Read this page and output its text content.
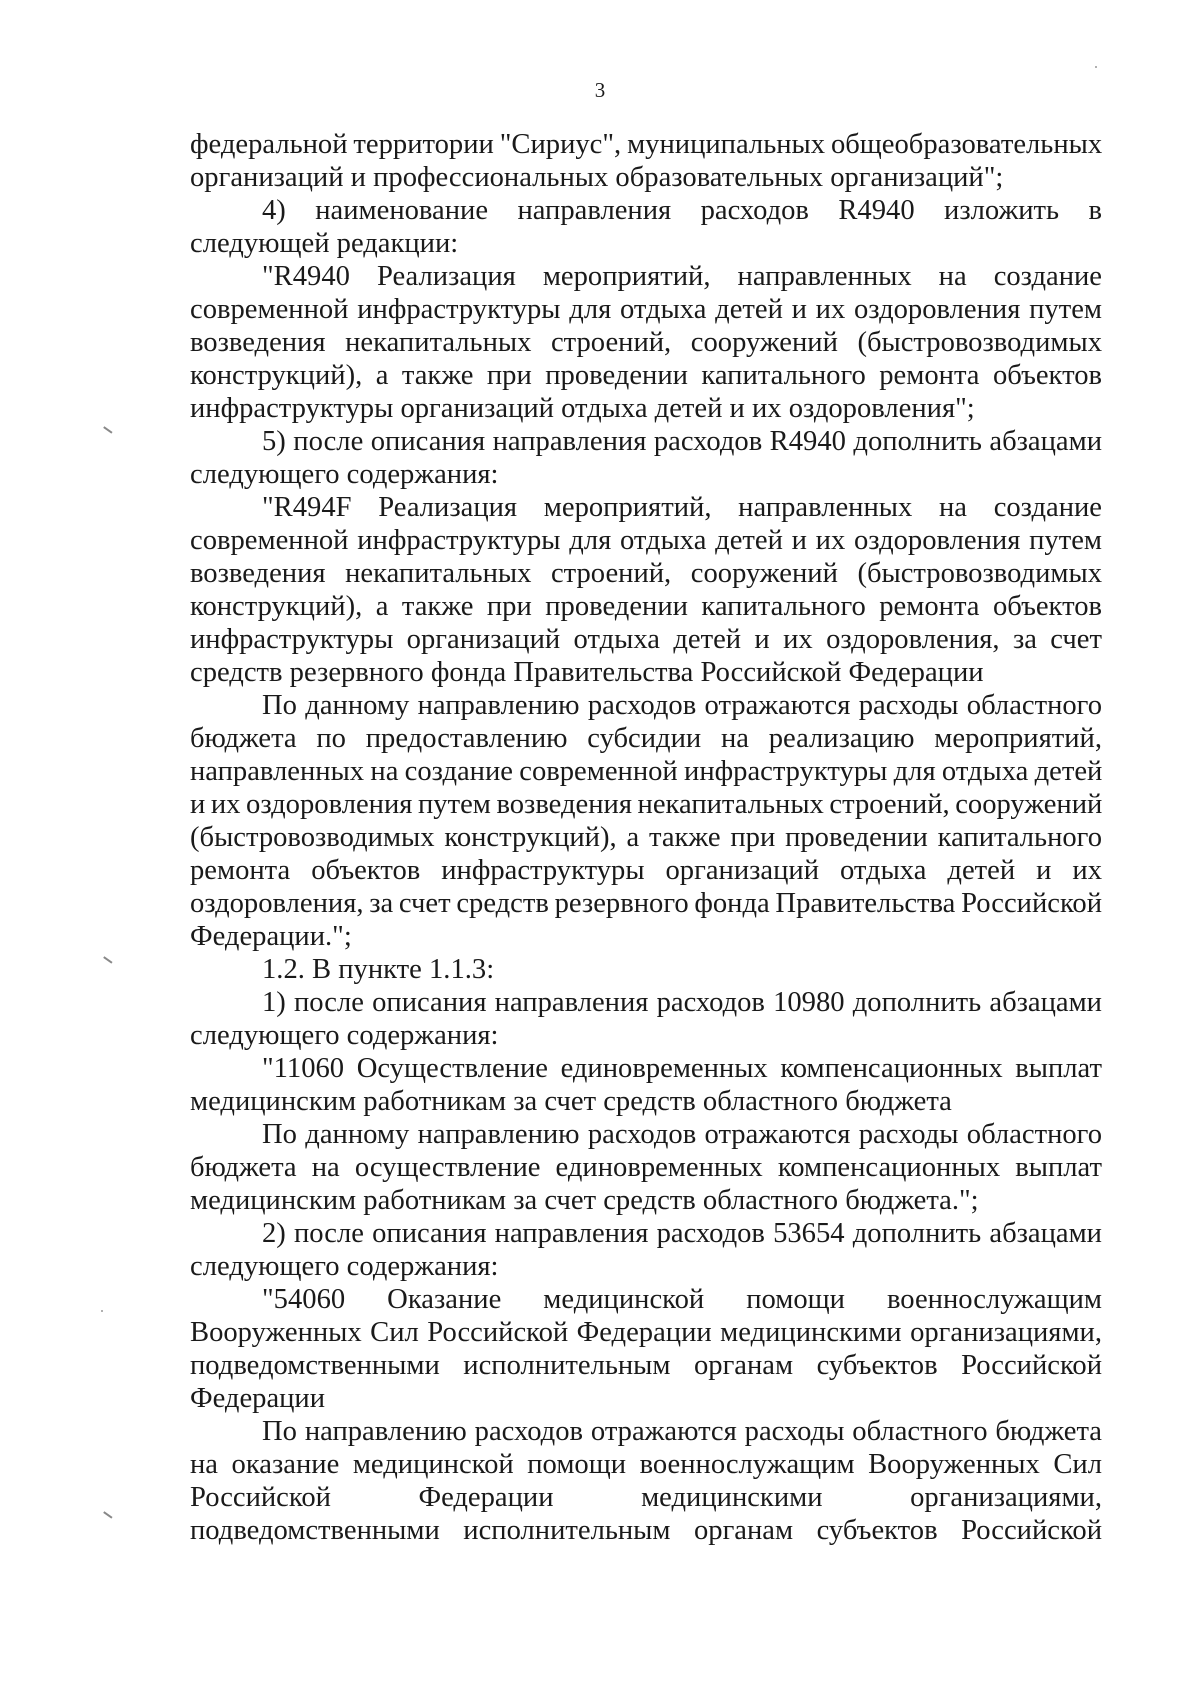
3
федеральной территории "Сириус", муниципальных общеобразовательных
организаций и профессиональных образовательных организаций";
4) наименование направления расходов R4940 изложить в
следующей редакции:
"R4940 Реализация мероприятий, направленных на создание
современной инфраструктуры для отдыха детей и их оздоровления путем
возведения некапитальных строений, сооружений (быстровозводимых
конструкций), а также при проведении капитального ремонта объектов
инфраструктуры организаций отдыха детей и их оздоровления";
5) после описания направления расходов R4940 дополнить абзацами
следующего содержания:
"R494F Реализация мероприятий, направленных на создание
современной инфраструктуры для отдыха детей и их оздоровления путем
возведения некапитальных строений, сооружений (быстровозводимых
конструкций), а также при проведении капитального ремонта объектов
инфраструктуры организаций отдыха детей и их оздоровления, за счет
средств резервного фонда Правительства Российской Федерации
По данному направлению расходов отражаются расходы областного
бюджета по предоставлению субсидии на реализацию мероприятий,
направленных на создание современной инфраструктуры для отдыха детей
и их оздоровления путем возведения некапитальных строений, сооружений
(быстровозводимых конструкций), а также при проведении капитального
ремонта объектов инфраструктуры организаций отдыха детей и их
оздоровления, за счет средств резервного фонда Правительства Российской
Федерации.";
1.2. В пункте 1.1.3:
1) после описания направления расходов 10980 дополнить абзацами
следующего содержания:
"11060 Осуществление единовременных компенсационных выплат
медицинским работникам за счет средств областного бюджета
По данному направлению расходов отражаются расходы областного
бюджета на осуществление единовременных компенсационных выплат
медицинским работникам за счет средств областного бюджета.";
2) после описания направления расходов 53654 дополнить абзацами
следующего содержания:
"54060 Оказание медицинской помощи военнослужащим
Вооруженных Сил Российской Федерации медицинскими организациями,
подведомственными исполнительным органам субъектов Российской
Федерации
По направлению расходов отражаются расходы областного бюджета
на оказание медицинской помощи военнослужащим Вооруженных Сил
Российской Федерации медицинскими организациями,
подведомственными исполнительным органам субъектов Российской
